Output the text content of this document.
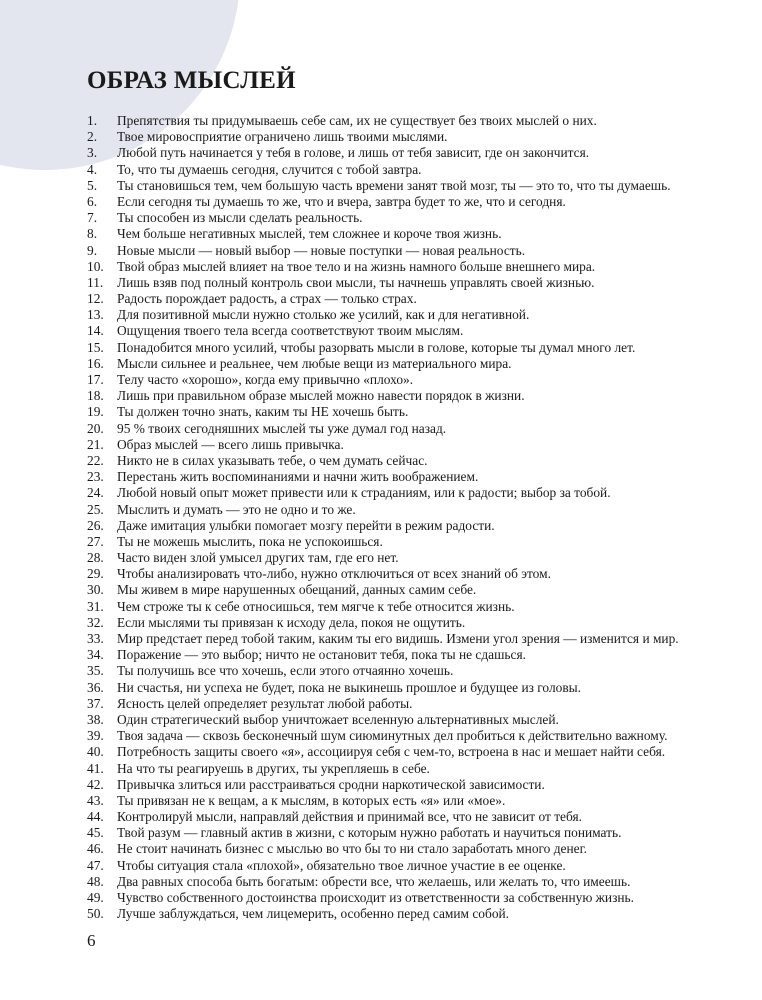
ОБРАЗ МЫСЛЕЙ
1.	Препятствия ты придумываешь себе сам, их не существует без твоих мыслей о них.
2.	Твое мировосприятие ограничено лишь твоими мыслями.
3.	Любой путь начинается у тебя в голове, и лишь от тебя зависит, где он закончится.
4.	То, что ты думаешь сегодня, случится с тобой завтра.
5.	Ты становишься тем, чем большую часть времени занят твой мозг, ты — это то, что ты думаешь.
6.	Если сегодня ты думаешь то же, что и вчера, завтра будет то же, что и сегодня.
7.	Ты способен из мысли сделать реальность.
8.	Чем больше негативных мыслей, тем сложнее и короче твоя жизнь.
9.	Новые мысли — новый выбор — новые поступки — новая реальность.
10. Твой образ мыслей влияет на твое тело и на жизнь намного больше внешнего мира.
11.	Лишь взяв под полный контроль свои мысли, ты начнешь управлять своей жизнью.
12. Радость порождает радость, а страх — только страх.
13. Для позитивной мысли нужно столько же усилий, как и для негативной.
14. Ощущения твоего тела всегда соответствуют твоим мыслям.
15. Понадобится много усилий, чтобы разорвать мысли в голове, которые ты думал много лет.
16. Мысли сильнее и реальнее, чем любые вещи из материального мира.
17. Телу часто «хорошо», когда ему привычно «плохо».
18. Лишь при правильном образе мыслей можно навести порядок в жизни.
19. Ты должен точно знать, каким ты НЕ хочешь быть.
20. 95 % твоих сегодняшних мыслей ты уже думал год назад.
21. Образ мыслей — всего лишь привычка.
22. Никто не в силах указывать тебе, о чем думать сейчас.
23. Перестань жить воспоминаниями и начни жить воображением.
24. Любой новый опыт может привести или к страданиям, или к радости; выбор за тобой.
25. Мыслить и думать — это не одно и то же.
26. Даже имитация улыбки помогает мозгу перейти в режим радости.
27. Ты не можешь мыслить, пока не успокоишься.
28. Часто виден злой умысел других там, где его нет.
29. Чтобы анализировать что-либо, нужно отключиться от всех знаний об этом.
30. Мы живем в мире нарушенных обещаний, данных самим себе.
31. Чем строже ты к себе относишься, тем мягче к тебе относится жизнь.
32. Если мыслями ты привязан к исходу дела, покоя не ощутить.
33. Мир предстает перед тобой таким, каким ты его видишь. Измени угол зрения — изменится и мир.
34. Поражение — это выбор; ничто не остановит тебя, пока ты не сдашься.
35. Ты получишь все что хочешь, если этого отчаянно хочешь.
36. Ни счастья, ни успеха не будет, пока не выкинешь прошлое и будущее из головы.
37. Ясность целей определяет результат любой работы.
38. Один стратегический выбор уничтожает вселенную альтернативных мыслей.
39. Твоя задача — сквозь бесконечный шум сиюминутных дел пробиться к действительно важному.
40. Потребность защиты своего «я», ассоциируя себя с чем-то, встроена в нас и мешает найти себя.
41. На что ты реагируешь в других, ты укрепляешь в себе.
42. Привычка злиться или расстраиваться сродни наркотической зависимости.
43. Ты привязан не к вещам, а к мыслям, в которых есть «я» или «мое».
44. Контролируй мысли, направляй действия и принимай все, что не зависит от тебя.
45. Твой разум — главный актив в жизни, с которым нужно работать и научиться понимать.
46. Не стоит начинать бизнес с мыслью во что бы то ни стало заработать много денег.
47. Чтобы ситуация стала «плохой», обязательно твое личное участие в ее оценке.
48. Два равных способа быть богатым: обрести все, что желаешь, или желать то, что имеешь.
49. Чувство собственного достоинства происходит из ответственности за собственную жизнь.
50. Лучше заблуждаться, чем лицемерить, особенно перед самим собой.
6
